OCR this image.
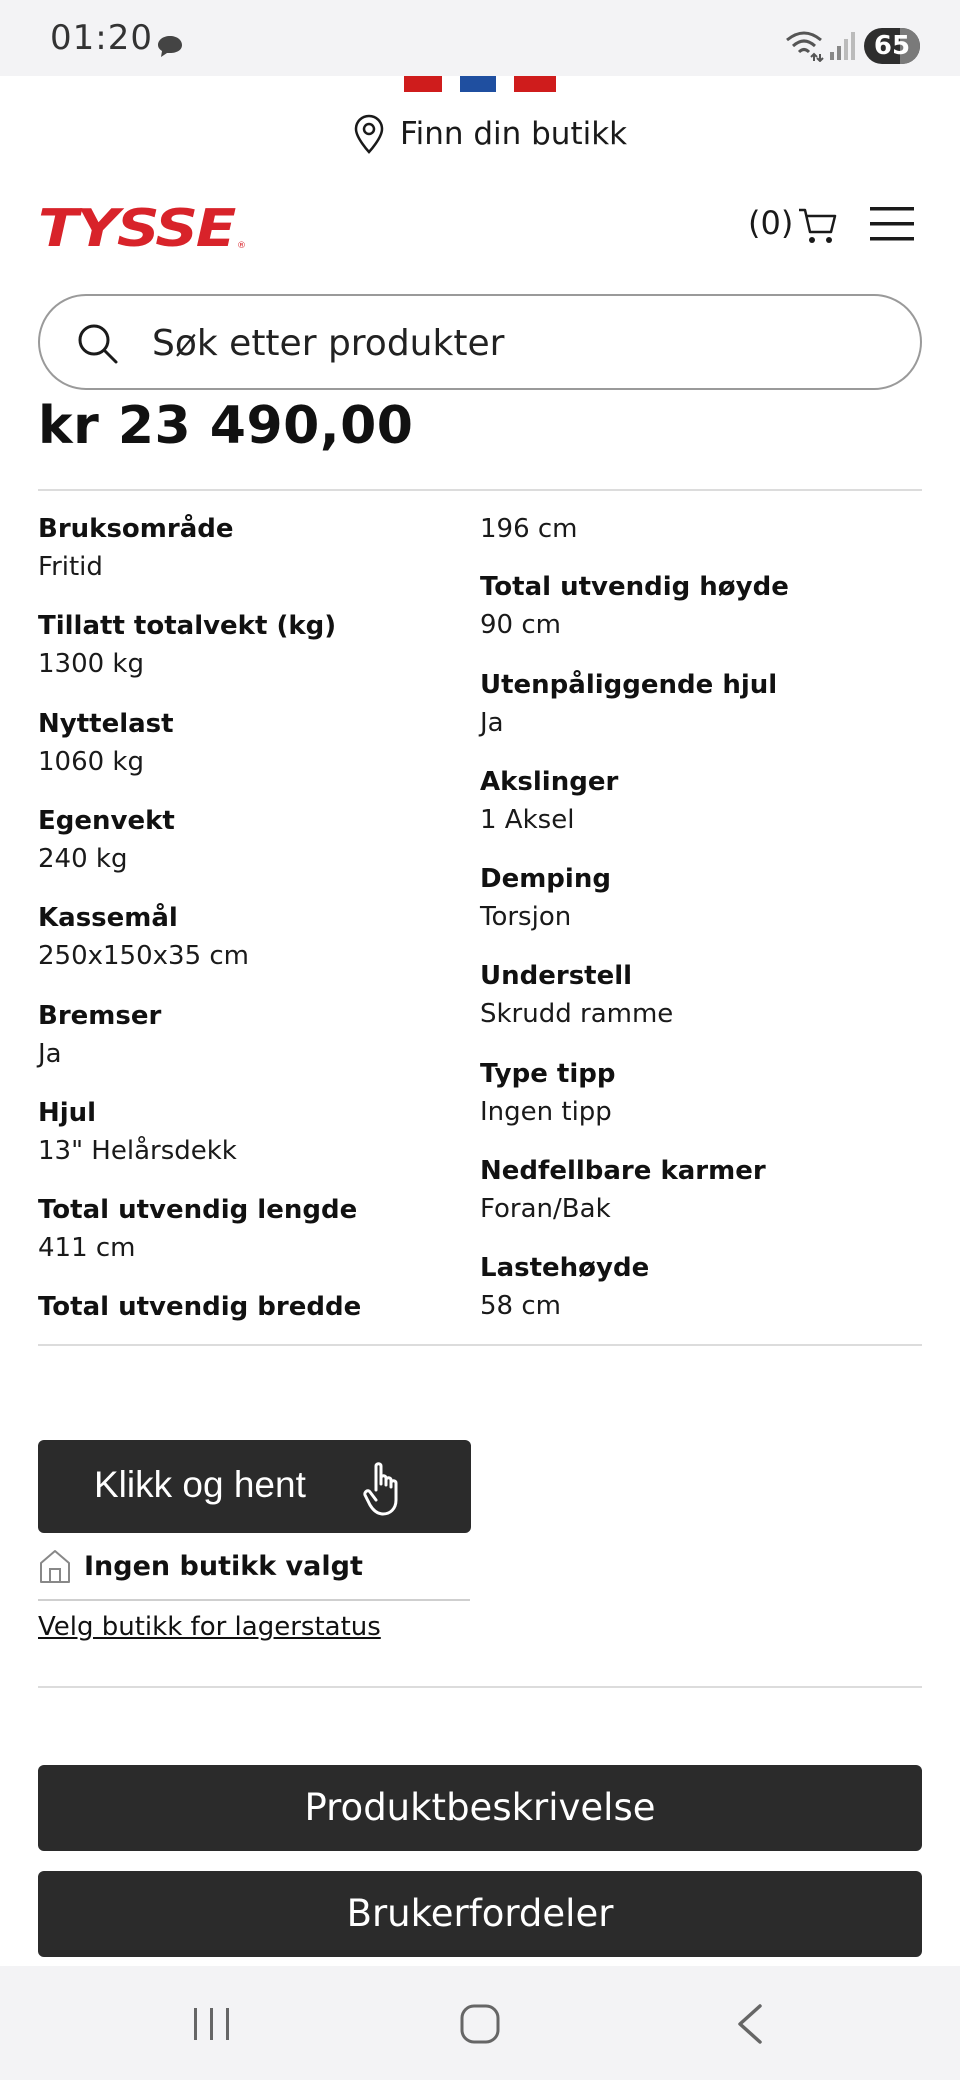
01:20	65
Finn din butikk
TYSSE ®
(0)
Søk etter produkter
kr 23 490,00
Bruksområde
Fritid
Tillatt totalvekt (kg)
1300 kg
Nyttelast
1060 kg
Egenvekt
240 kg
Kassemål
250x150x35 cm
Bremser
Ja
Hjul
13" Helårsdekk
Total utvendig lengde
411 cm
Total utvendig bredde
196 cm
Total utvendig høyde
90 cm
Utenpåliggende hjul
Ja
Akslinger
1 Aksel
Demping
Torsjon
Understell
Skrudd ramme
Type tipp
Ingen tipp
Nedfellbare karmer
Foran/Bak
Lastehøyde
58 cm
Klikk og hent
Ingen butikk valgt
Velg butikk for lagerstatus
Produktbeskrivelse
Brukerfordeler
